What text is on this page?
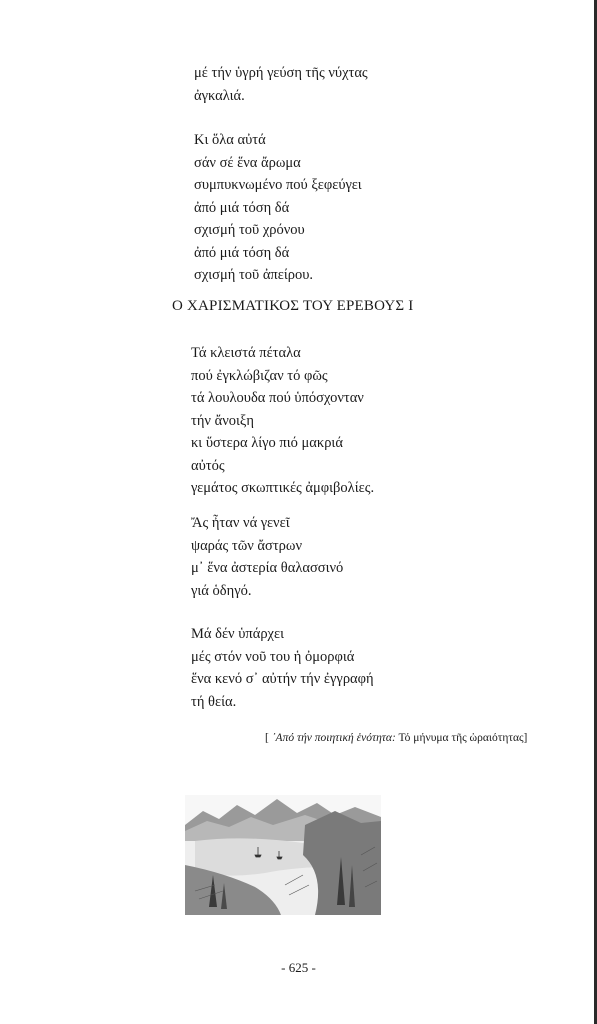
μέ τήν ὑγρή γεύση τῆς νύχτας
ἀγκαλιά.
Κι ὅλα αὐτά
σάν σέ ἕνα ἄρωμα
συμπυκνωμένο πού ξεφεύγει
ἀπό μιά τόση δά
σχισμή τοῦ χρόνου
ἀπό μιά τόση δά
σχισμή τοῦ ἀπείρου.
Ο ΧΑΡΙΣΜΑΤΙΚΟΣ ΤΟΥ ΕΡΕΒΟΥΣ Ι
Τά κλειστά πέταλα
πού ἐγκλώβιζαν τό φῶς
τά λουλουδα πού ὑπόσχονταν
τήν ἄνοιξη
κι ὕστερα λίγο πιό μακριά
αὐτός
γεμάτος σκωπτικές ἀμφιβολίες.
Ἄς ἦταν νά γενεῖ
ψαράς τῶν ἄστρων
μ᾽ ἕνα ἀστερία θαλασσινό
γιά ὁδηγό.
Μά δέν ὑπάρχει
μές στόν νοῦ του ἡ ὀμορφιά
ἕνα κενό σ᾽ αὐτήν τήν ἐγγραφή
τή θεία.
[ ᾽Από τήν ποιητική ἑνότητα: Τό μήνυμα τῆς ὡραιότητας]
- 625 -
